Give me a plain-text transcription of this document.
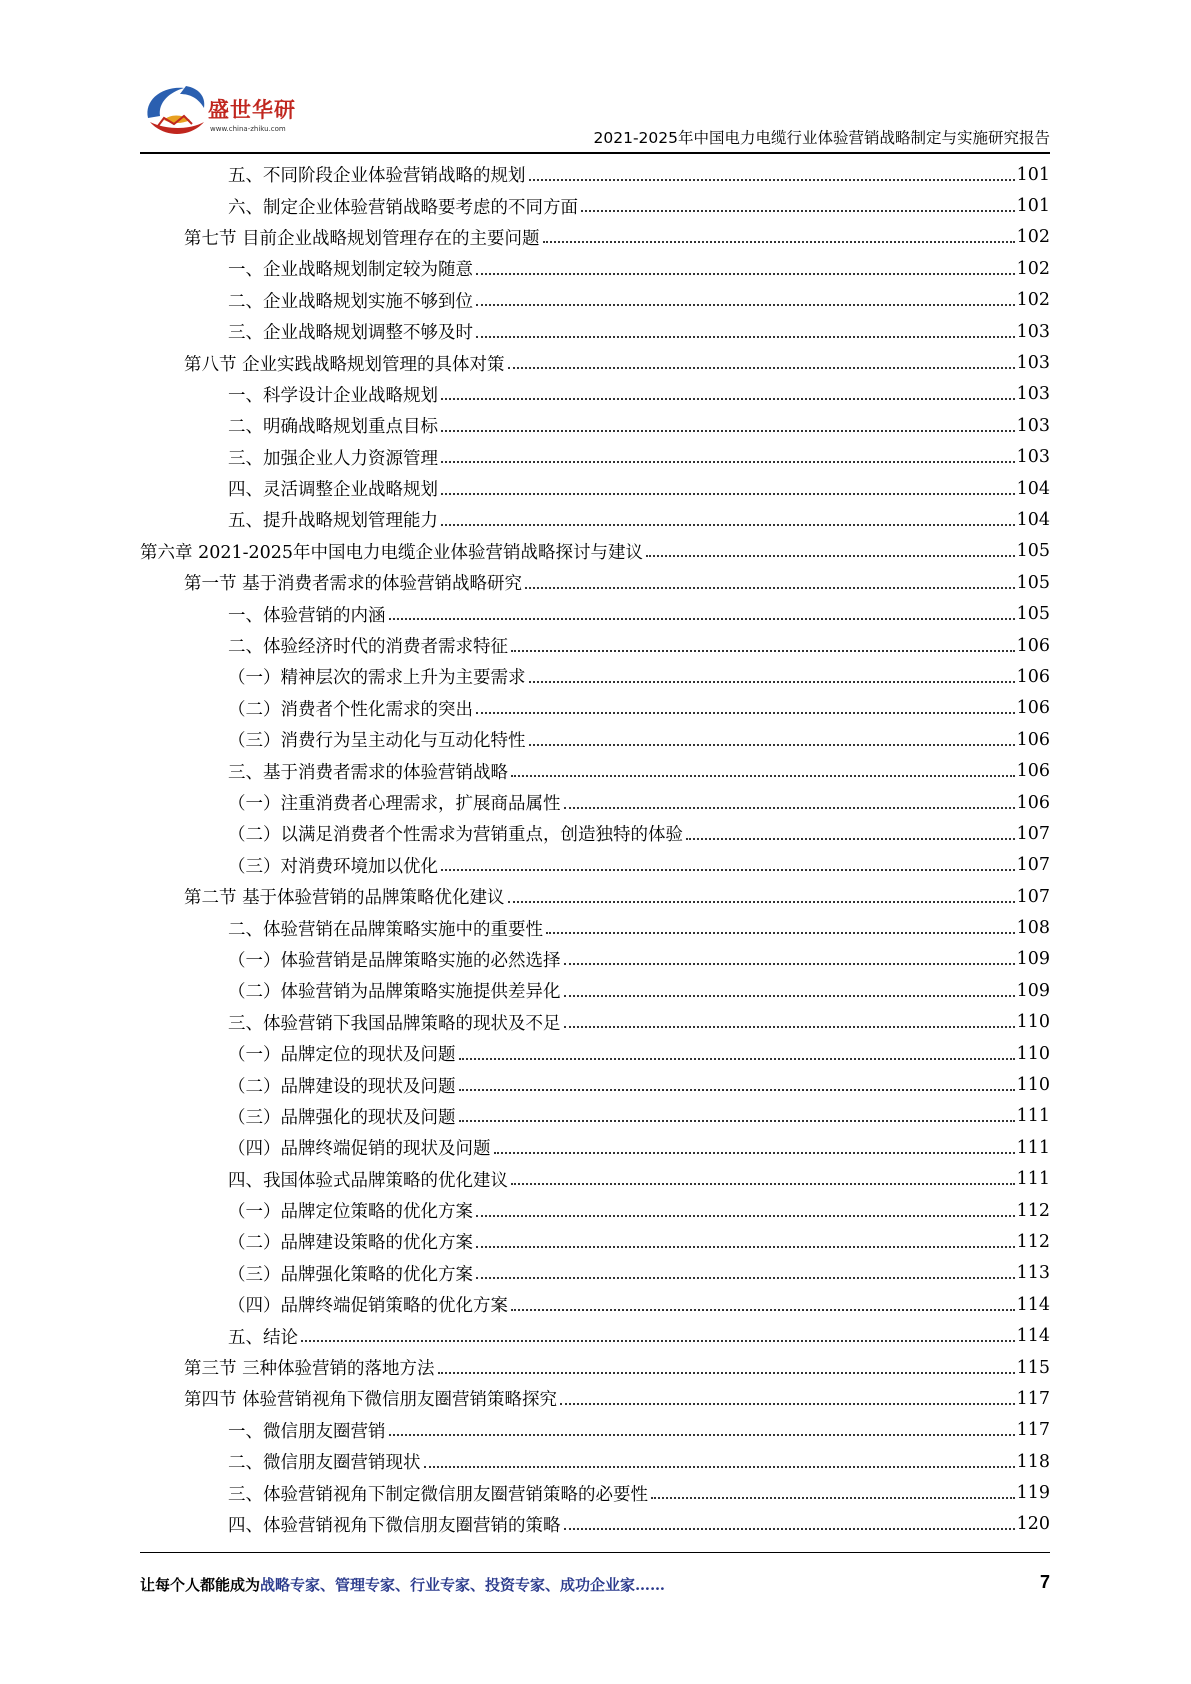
盛世华研
www.china-zhiku.com	2021-2025年中国电力电缆行业体验营销战略制定与实施研究报告
五、不同阶段企业体验营销战略的规划	101
六、制定企业体验营销战略要考虑的不同方面	101
第七节 目前企业战略规划管理存在的主要问题	102
一、企业战略规划制定较为随意	102
二、企业战略规划实施不够到位	102
三、企业战略规划调整不够及时	103
第八节 企业实践战略规划管理的具体对策	103
一、科学设计企业战略规划	103
二、明确战略规划重点目标	103
三、加强企业人力资源管理	103
四、灵活调整企业战略规划	104
五、提升战略规划管理能力	104
第六章 2021-2025年中国电力电缆企业体验营销战略探讨与建议	105
第一节 基于消费者需求的体验营销战略研究	105
一、体验营销的内涵	105
二、体验经济时代的消费者需求特征	106
（一）精神层次的需求上升为主要需求	106
（二）消费者个性化需求的突出	106
（三）消费行为呈主动化与互动化特性	106
三、基于消费者需求的体验营销战略	106
（一）注重消费者心理需求，扩展商品属性	106
（二）以满足消费者个性需求为营销重点，创造独特的体验	107
（三）对消费环境加以优化	107
第二节 基于体验营销的品牌策略优化建议	107
二、体验营销在品牌策略实施中的重要性	108
（一）体验营销是品牌策略实施的必然选择	109
（二）体验营销为品牌策略实施提供差异化	109
三、体验营销下我国品牌策略的现状及不足	110
（一）品牌定位的现状及问题	110
（二）品牌建设的现状及问题	110
（三）品牌强化的现状及问题	111
（四）品牌终端促销的现状及问题	111
四、我国体验式品牌策略的优化建议	111
（一）品牌定位策略的优化方案	112
（二）品牌建设策略的优化方案	112
（三）品牌强化策略的优化方案	113
（四）品牌终端促销策略的优化方案	114
五、结论	114
第三节 三种体验营销的落地方法	115
第四节 体验营销视角下微信朋友圈营销策略探究	117
一、微信朋友圈营销	117
二、微信朋友圈营销现状	118
三、体验营销视角下制定微信朋友圈营销策略的必要性	119
四、体验营销视角下微信朋友圈营销的策略	120
让每个人都能成为战略专家、管理专家、行业专家、投资专家、成功企业家……	7
